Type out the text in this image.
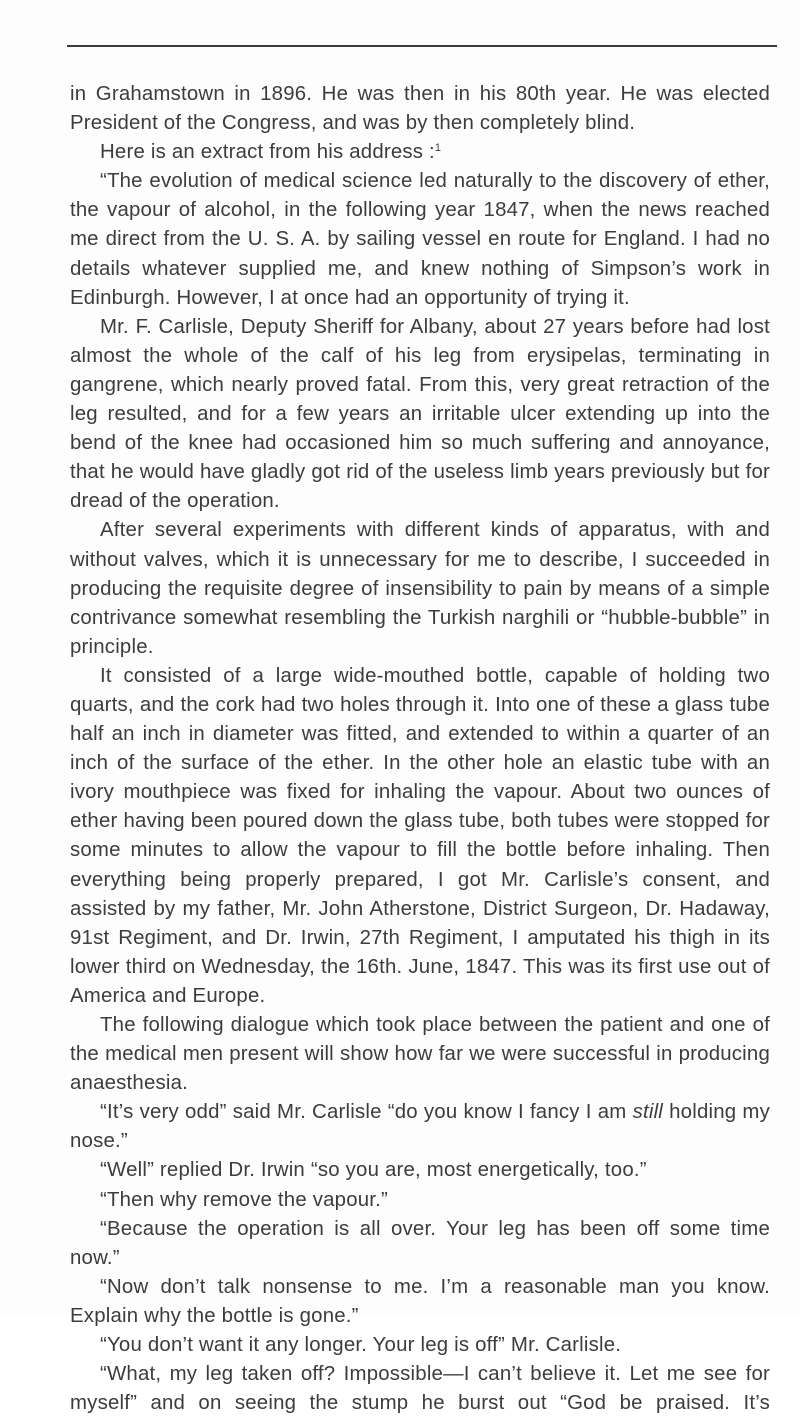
in Grahamstown in 1896. He was then in his 80th year. He was elected President of the Congress, and was by then completely blind.

Here is an extract from his address :$^1$

“The evolution of medical science led naturally to the discovery of ether, the vapour of alcohol, in the following year 1847, when the news reached me direct from the U. S. A. by sailing vessel en route for England. I had no details whatever supplied me, and knew nothing of Simpson’s work in Edinburgh. However, I at once had an opportunity of trying it.

Mr. F. Carlisle, Deputy Sheriff for Albany, about 27 years before had lost almost the whole of the calf of his leg from erysipelas, terminating in gangrene, which nearly proved fatal. From this, very great retraction of the leg resulted, and for a few years an irritable ulcer extending up into the bend of the knee had occasioned him so much suffering and annoyance, that he would have gladly got rid of the useless limb years previously but for dread of the operation.

After several experiments with different kinds of apparatus, with and without valves, which it is unnecessary for me to describe, I succeeded in producing the requisite degree of insensibility to pain by means of a simple contrivance somewhat resembling the Turkish narghili or “hubble-bubble” in principle.

It consisted of a large wide-mouthed bottle, capable of holding two quarts, and the cork had two holes through it. Into one of these a glass tube half an inch in diameter was fitted, and extended to within a quarter of an inch of the surface of the ether. In the other hole an elastic tube with an ivory mouthpiece was fixed for inhaling the vapour. About two ounces of ether having been poured down the glass tube, both tubes were stopped for some minutes to allow the vapour to fill the bottle before inhaling. Then everything being properly prepared, I got Mr. Carlisle’s consent, and assisted by my father, Mr. John Atherstone, District Surgeon, Dr. Hadaway, 91st Regiment, and Dr. Irwin, 27th Regiment, I amputated his thigh in its lower third on Wednesday, the 16th. June, 1847. This was its first use out of America and Europe.

The following dialogue which took place between the patient and one of the medical men present will show how far we were successful in producing anaesthesia.

“It’s very odd” said Mr. Carlisle “do you know I fancy I am still holding my nose.”

“Well” replied Dr. Irwin “so you are, most energetically, too.”

“Then why remove the vapour.”

“Because the operation is all over. Your leg has been off some time now.”

“Now don’t talk nonsense to me. I’m a reasonable man you know. Explain why the bottle is gone.”

“You don’t want it any longer. Your leg is off” Mr. Carlisle.

“What, my leg taken off? Impossible—I can’t believe it. Let me see for myself” and on seeing the stump he burst out “God be praised. It’s
